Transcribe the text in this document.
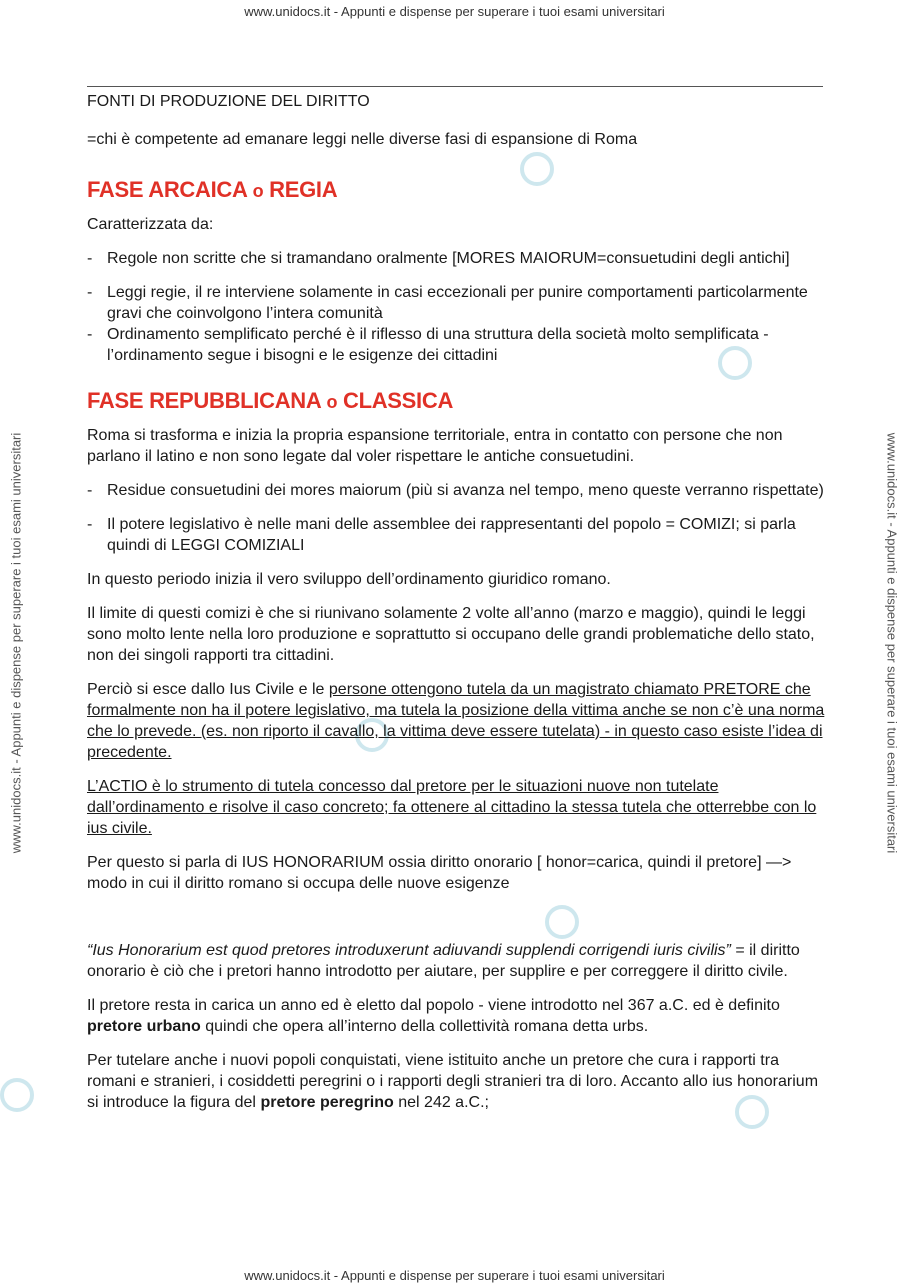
www.unidocs.it - Appunti e dispense per superare i tuoi esami universitari
www.unidocs.it - Appunti e dispense per superare i tuoi esami universitari
www.unidocs.it - Appunti e dispense per superare i tuoi esami universitari	www.unidocs.it - Appunti e dispense per superare i tuoi esami universitari

FONTI DI PRODUZIONE DEL DIRITTO

=chi è competente ad emanare leggi nelle diverse fasi di espansione di Roma

FASE ARCAICA o REGIA

Caratterizzata da:

- Regole non scritte che si tramandano oralmente [MORES MAIORUM=consuetudini degli antichi]
- Leggi regie, il re interviene solamente in casi eccezionali per punire comportamenti particolarmente gravi che coinvolgono l’intera comunità
- Ordinamento semplificato perché è il riflesso di una struttura della società molto semplificata - l’ordinamento segue i bisogni e le esigenze dei cittadini
FASE REPUBBLICANA o CLASSICA

Roma si trasforma e inizia la propria espansione territoriale, entra in contatto con persone che non parlano il latino e non sono legate dal voler rispettare le antiche consuetudini.

- Residue consuetudini dei mores maiorum (più si avanza nel tempo, meno queste verranno rispettate)
- Il potere legislativo è nelle mani delle assemblee dei rappresentanti del popolo = COMIZI; si parla quindi di LEGGI COMIZIALI

In questo periodo inizia il vero sviluppo dell’ordinamento giuridico romano.

Il limite di questi comizi è che si riunivano solamente 2 volte all’anno (marzo e maggio), quindi le leggi sono molto lente nella loro produzione e soprattutto si occupano delle grandi problematiche dello stato, non dei singoli rapporti tra cittadini.

Perciò si esce dallo Ius Civile e le persone ottengono tutela da un magistrato chiamato PRETORE che formalmente non ha il potere legislativo, ma tutela la posizione della vittima anche se non c’è una norma che lo prevede. (es. non riporto il cavallo, la vittima deve essere tutelata) - in questo caso esiste l’idea di precedente.

L’ACTIO è lo strumento di tutela concesso dal pretore per le situazioni nuove non tutelate dall’ordinamento e risolve il caso concreto; fa ottenere al cittadino la stessa tutela che otterrebbe con lo ius civile.

Per questo si parla di IUS HONORARIUM ossia diritto onorario [ honor=carica, quindi il pretore] —> modo in cui il diritto romano si occupa delle nuove esigenze

“Ius Honorarium est quod pretores introduxerunt adiuvandi supplendi corrigendi iuris civilis” = il diritto onorario è ciò che i pretori hanno introdotto per aiutare, per supplire e per correggere il diritto civile.

Il pretore resta in carica un anno ed è eletto dal popolo - viene introdotto nel 367 a.C. ed è definito pretore urbano quindi che opera all’interno della collettività romana detta urbs.

Per tutelare anche i nuovi popoli conquistati, viene istituito anche un pretore che cura i rapporti tra romani e stranieri, i cosiddetti peregrini o i rapporti degli stranieri tra di loro. Accanto allo ius honorarium si introduce la figura del pretore peregrino nel 242 a.C.;
